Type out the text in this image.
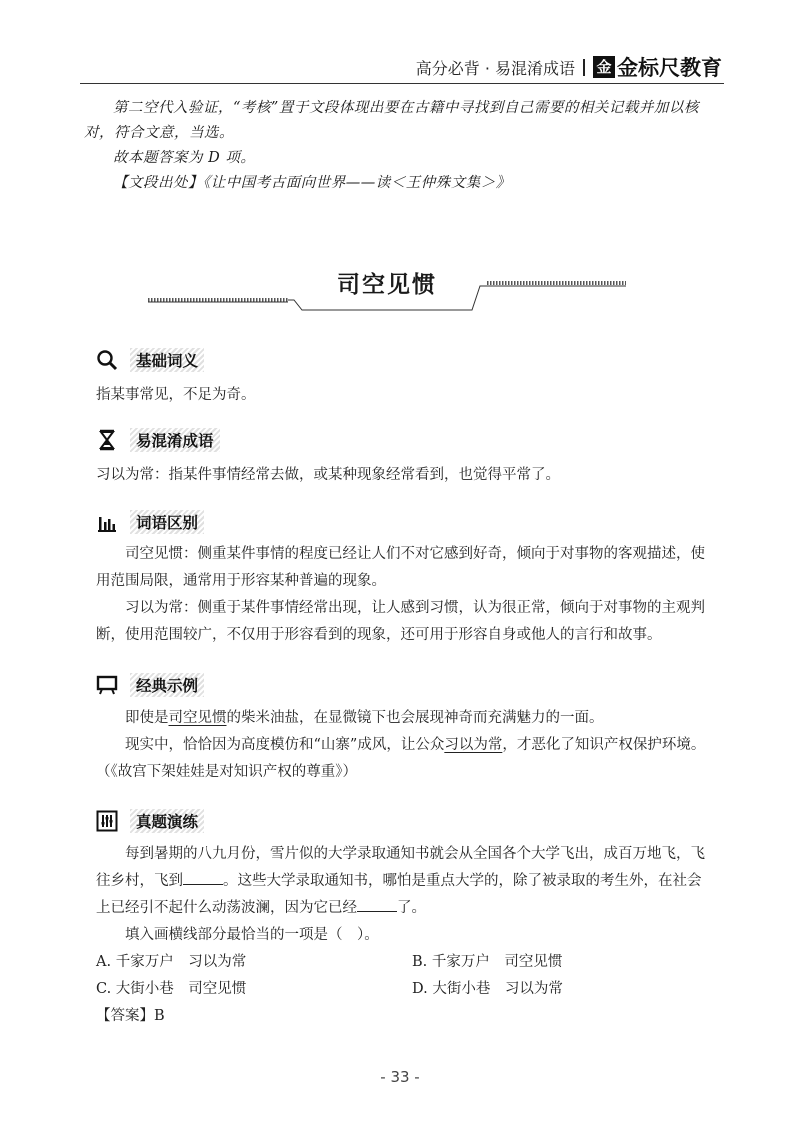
高分必背 · 易混淆成语 金 金标尺教育

第二空代入验证，“考核”置于文段体现出要在古籍中寻找到自己需要的相关记载并加以核对，符合文意，当选。

故本题答案为 D 项。

【文段出处】《让中国考古面向世界——读＜王仲殊文集＞》

司空见惯
基础词义

指某事常见，不足为奇。

易混淆成语

习以为常：指某件事情经常去做，或某种现象经常看到，也觉得平常了。

词语区别

司空见惯：侧重某件事情的程度已经让人们不对它感到好奇，倾向于对事物的客观描述，使用范围局限，通常用于形容某种普遍的现象。

习以为常：侧重于某件事情经常出现，让人感到习惯，认为很正常，倾向于对事物的主观判断，使用范围较广，不仅用于形容看到的现象，还可用于形容自身或他人的言行和故事。

经典示例

即使是司空见惯的柴米油盐，在显微镜下也会展现神奇而充满魅力的一面。

现实中，恰恰因为高度模仿和“山寨”成风，让公众习以为常，才恶化了知识产权保护环境。

（《故宫下架娃娃是对知识产权的尊重》）

真题演练

每到暑期的八九月份，雪片似的大学录取通知书就会从全国各个大学飞出，成百万地飞，飞往乡村，飞到	。这些大学录取通知书，哪怕是重点大学的，除了被录取的考生外，在社会上已经引不起什么动荡波澜，因为它已经	了。

填入画横线部分最恰当的一项是（　）。

A. 千家万户　习以为常	B. 千家万户　司空见惯
C. 大街小巷　司空见惯	D. 大街小巷　习以为常

【答案】B

- 33 -
